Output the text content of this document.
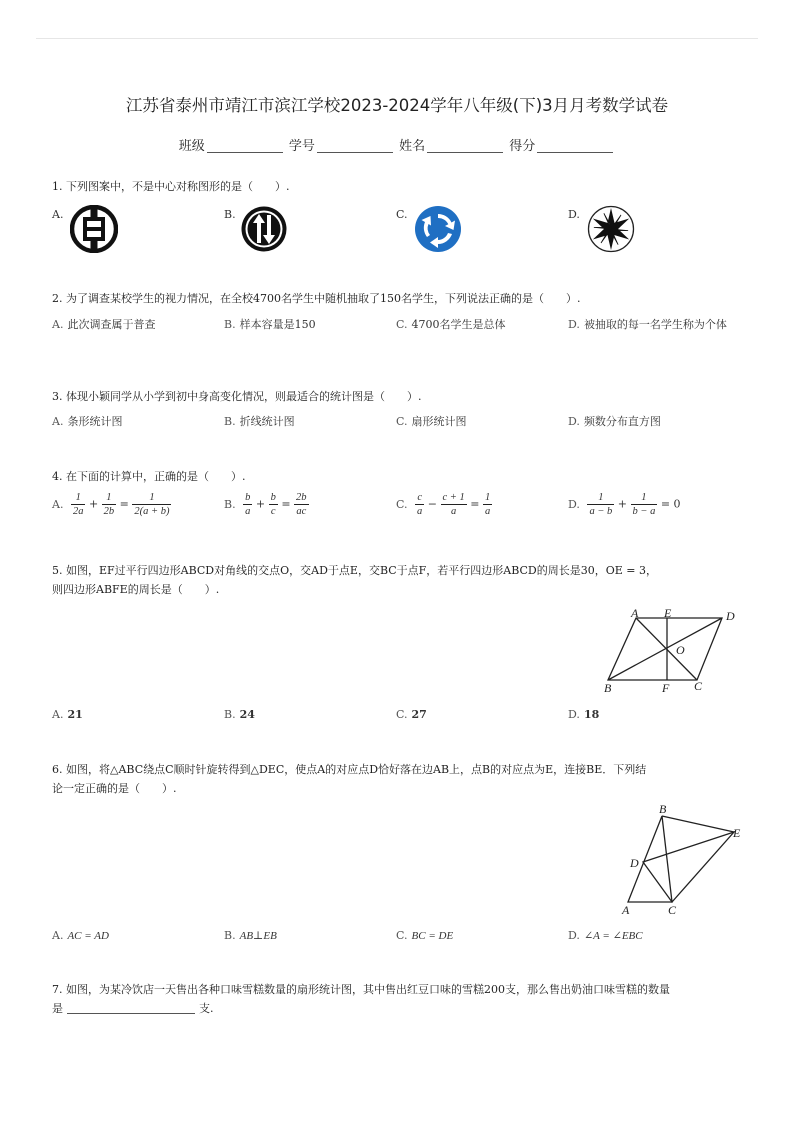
江苏省泰州市靖江市滨江学校2023-2024学年八年级(下)3月月考数学试卷
班级	学号	姓名	得分
1. 下列图案中，不是中心对称图形的是（　　）.
A.	B.	C.	D.
2. 为了调查某校学生的视力情况，在全校4700名学生中随机抽取了150名学生，下列说法正确的是（　　）.
A. 此次调查属于普查	B. 样本容量是150	C. 4700名学生是总体	D. 被抽取的每一名学生称为个体
3. 体现小颖同学从小学到初中身高变化情况，则最适合的统计图是（　　）.
A. 条形统计图	B. 折线统计图	C. 扇形统计图	D. 频数分布直方图
4. 在下面的计算中，正确的是（　　）.
A. $\frac{1}{2a} + \frac{1}{2b} = \frac{1}{2(a + b)}$	B. $\frac{b}{a} + \frac{b}{c} = \frac{2b}{ac}$	C. $\frac{c}{a} - \frac{c + 1}{a} = \frac{1}{a}$	D. $\frac{1}{a - b} + \frac{1}{b - a} = 0$
5. 如图，EF过平行四边形ABCD对角线的交点O，交AD于点E，交BC于点F，若平行四边形ABCD的周长是30，OE = 3，
则四边形ABFE的周长是（　　）.
A E	D
O
B	F C
A. 21	B. 24	C. 27	D. 18
6. 如图，将△ABC绕点C顺时针旋转得到△DEC，使点A的对应点D恰好落在边AB上，点B的对应点为E，连接BE．下列结
论一定正确的是（　　）.
B
E
D
A	C
A. AC = AD	B. AB⊥EB	C. BC = DE	D. ∠A = ∠EBC
7. 如图，为某冷饮店一天售出各种口味雪糕数量的扇形统计图，其中售出红豆口味的雪糕200支，那么售出奶油口味雪糕的数量
是	支.
